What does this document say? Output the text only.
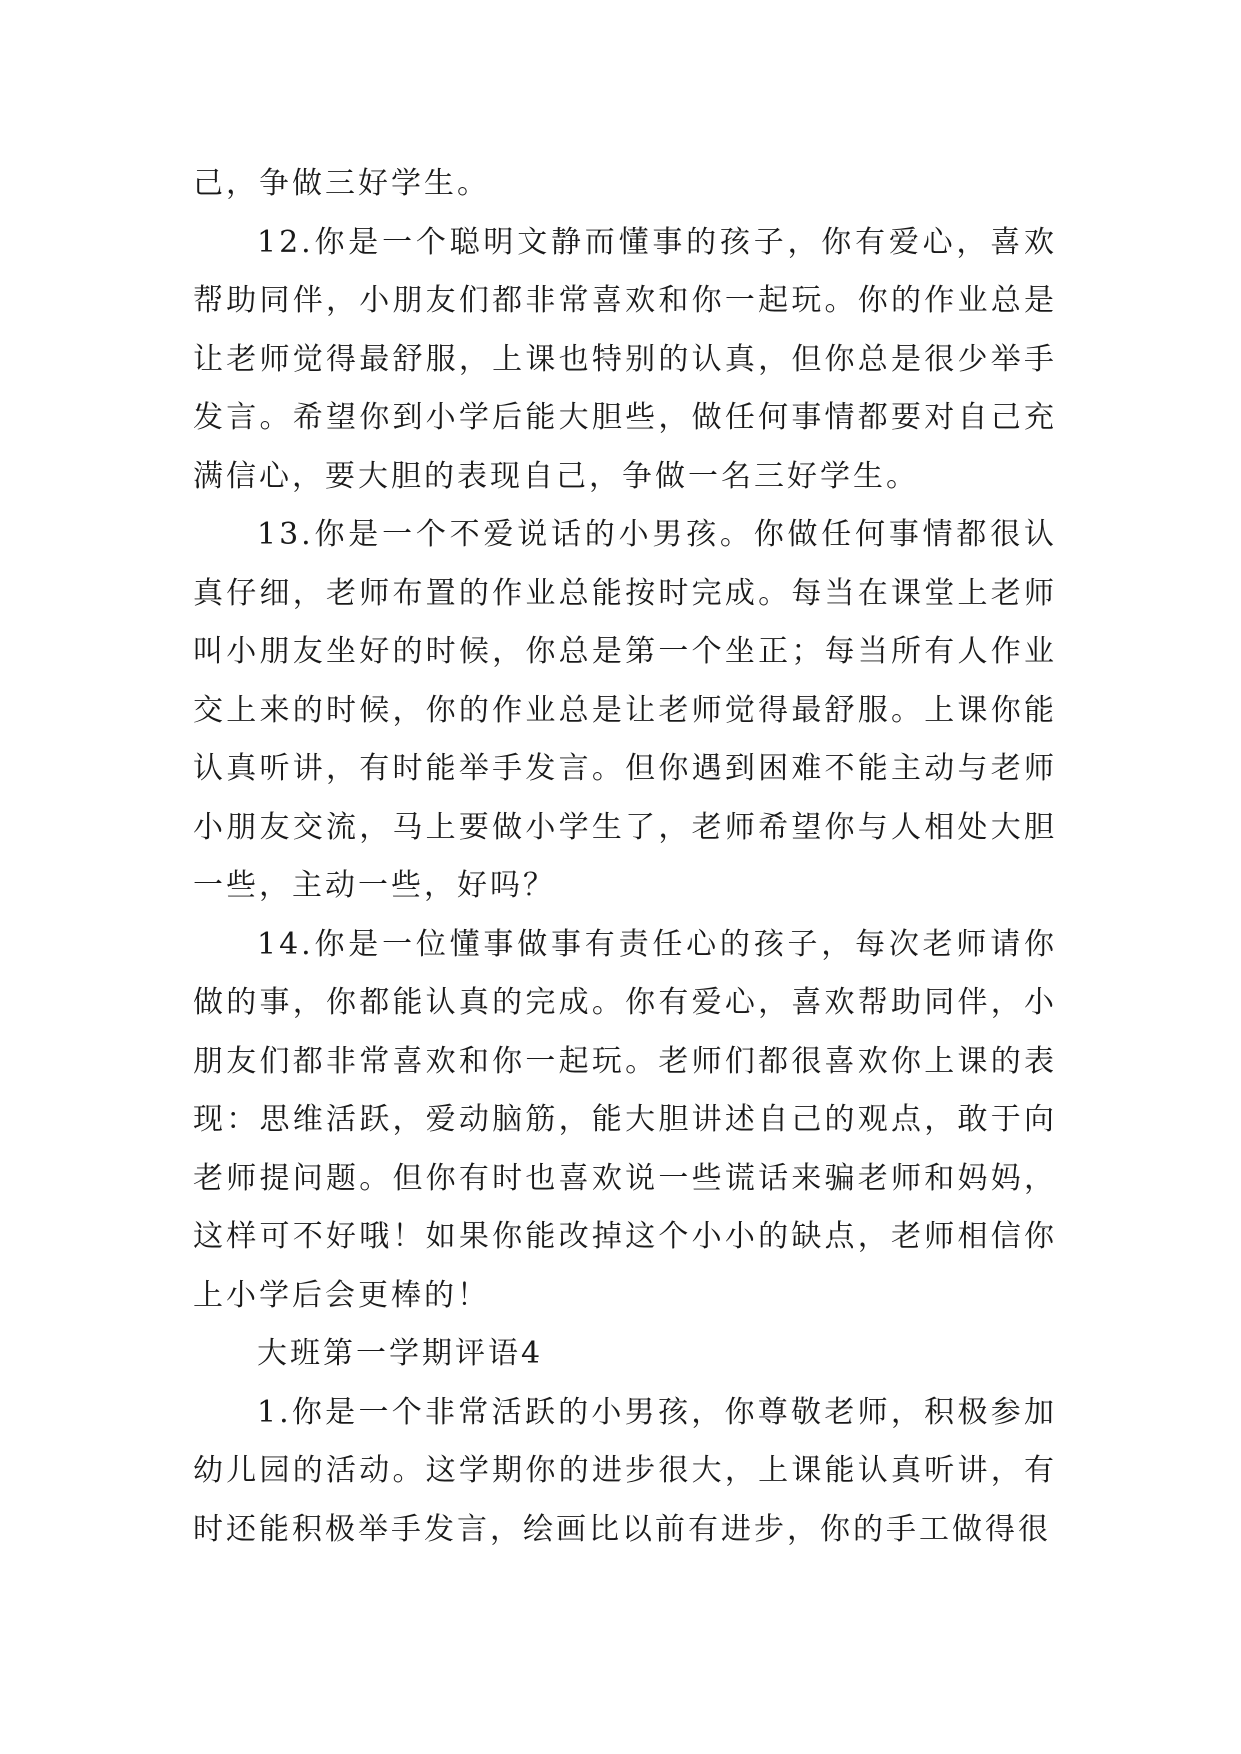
己，争做三好学生。

12.你是一个聪明文静而懂事的孩子，你有爱心，喜欢帮助同伴，小朋友们都非常喜欢和你一起玩。你的作业总是让老师觉得最舒服，上课也特别的认真，但你总是很少举手发言。希望你到小学后能大胆些，做任何事情都要对自己充满信心，要大胆的表现自己，争做一名三好学生。

13.你是一个不爱说话的小男孩。你做任何事情都很认真仔细，老师布置的作业总能按时完成。每当在课堂上老师叫小朋友坐好的时候，你总是第一个坐正；每当所有人作业交上来的时候，你的作业总是让老师觉得最舒服。上课你能认真听讲，有时能举手发言。但你遇到困难不能主动与老师小朋友交流，马上要做小学生了，老师希望你与人相处大胆一些，主动一些，好吗？

14.你是一位懂事做事有责任心的孩子，每次老师请你做的事，你都能认真的完成。你有爱心，喜欢帮助同伴，小朋友们都非常喜欢和你一起玩。老师们都很喜欢你上课的表现：思维活跃，爱动脑筋，能大胆讲述自己的观点，敢于向老师提问题。但你有时也喜欢说一些谎话来骗老师和妈妈，这样可不好哦！如果你能改掉这个小小的缺点，老师相信你上小学后会更棒的！

大班第一学期评语4

1.你是一个非常活跃的小男孩，你尊敬老师，积极参加幼儿园的活动。这学期你的进步很大，上课能认真听讲，有时还能积极举手发言，绘画比以前有进步，你的手工做得很
